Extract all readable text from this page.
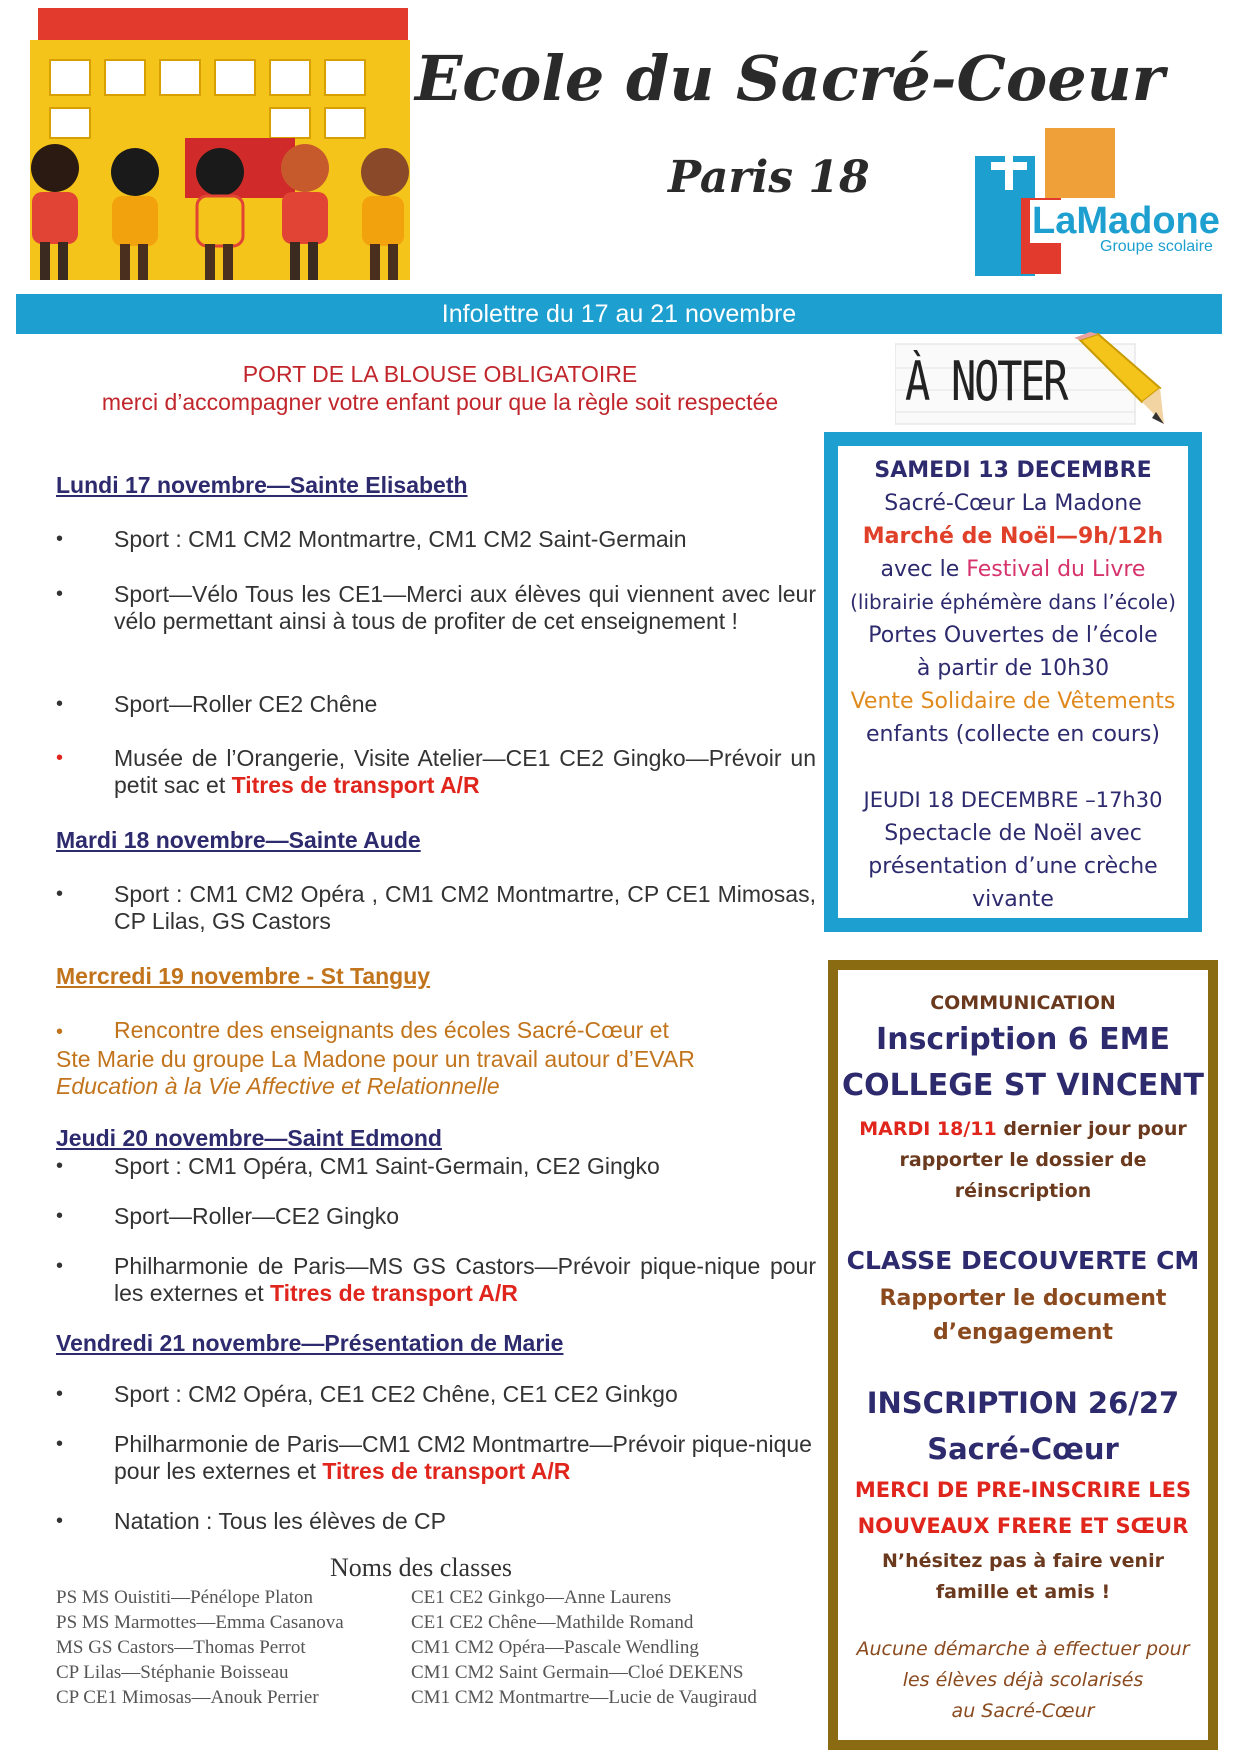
Ecole du Sacré-Coeur
Paris 18
LaMadone
Groupe scolaire
Infolettre du 17 au 21 novembre
PORT DE LA BLOUSE OBLIGATOIRE
merci d’accompagner votre enfant pour que la règle soit respectée
Lundi 17 novembre—Sainte Elisabeth
•	Sport : CM1 CM2 Montmartre, CM1 CM2 Saint-Germain
•	Sport—Vélo Tous les CE1—Merci aux élèves qui viennent avec leur vélo permettant ainsi à tous de profiter de cet enseignement !
•	Sport—Roller CE2 Chêne
•	Musée de l’Orangerie, Visite Atelier—CE1 CE2 Gingko—Prévoir un petit sac et Titres de transport A/R
Mardi 18 novembre—Sainte Aude
•	Sport : CM1 CM2 Opéra , CM1 CM2 Montmartre, CP CE1 Mimosas, CP Lilas, GS Castors
Mercredi 19 novembre - St Tanguy
• Rencontre des enseignants des écoles Sacré-Cœur et
Ste Marie du groupe La Madone pour un travail autour d’EVAR
Education à la Vie Affective et Relationnelle
Jeudi 20 novembre—Saint Edmond
•	Sport : CM1 Opéra, CM1 Saint-Germain, CE2 Gingko
•	Sport—Roller—CE2 Gingko
•	Philharmonie de Paris—MS GS Castors—Prévoir pique-nique pour les externes et Titres de transport A/R
Vendredi 21 novembre—Présentation de Marie
•	Sport : CM2 Opéra, CE1 CE2 Chêne, CE1 CE2 Ginkgo
•	Philharmonie de Paris—CM1 CM2 Montmartre—Prévoir pique-nique pour les externes et Titres de transport A/R
•	Natation : Tous les élèves de CP
Noms des classes
PS MS Ouistiti—Pénélope Platon
PS MS Marmottes—Emma Casanova
MS GS Castors—Thomas Perrot
CP Lilas—Stéphanie Boisseau
CP CE1 Mimosas—Anouk Perrier
CE1 CE2 Ginkgo—Anne Laurens
CE1 CE2 Chêne—Mathilde Romand
CM1 CM2 Opéra—Pascale Wendling
CM1 CM2 Saint Germain—Cloé DEKENS
CM1 CM2 Montmartre—Lucie de Vaugiraud
À NOTER
SAMEDI 13 DECEMBRE
Sacré-Cœur La Madone
Marché de Noël—9h/12h
avec le Festival du Livre
(librairie éphémère dans l’école)
Portes Ouvertes de l’école
à partir de 10h30
Vente Solidaire de Vêtements
enfants (collecte en cours)
JEUDI 18 DECEMBRE –17h30
Spectacle de Noël avec
présentation d’une crèche
vivante
COMMUNICATION
Inscription 6 EME
COLLEGE ST VINCENT
MARDI 18/11 dernier jour pour
rapporter le dossier de
réinscription
CLASSE DECOUVERTE CM
Rapporter le document
d’engagement
INSCRIPTION 26/27
Sacré-Cœur
MERCI DE PRE-INSCRIRE LES
NOUVEAUX FRERE ET SŒUR
N’hésitez pas à faire venir
famille et amis !
Aucune démarche à effectuer pour
les élèves déjà scolarisés
au Sacré-Cœur
